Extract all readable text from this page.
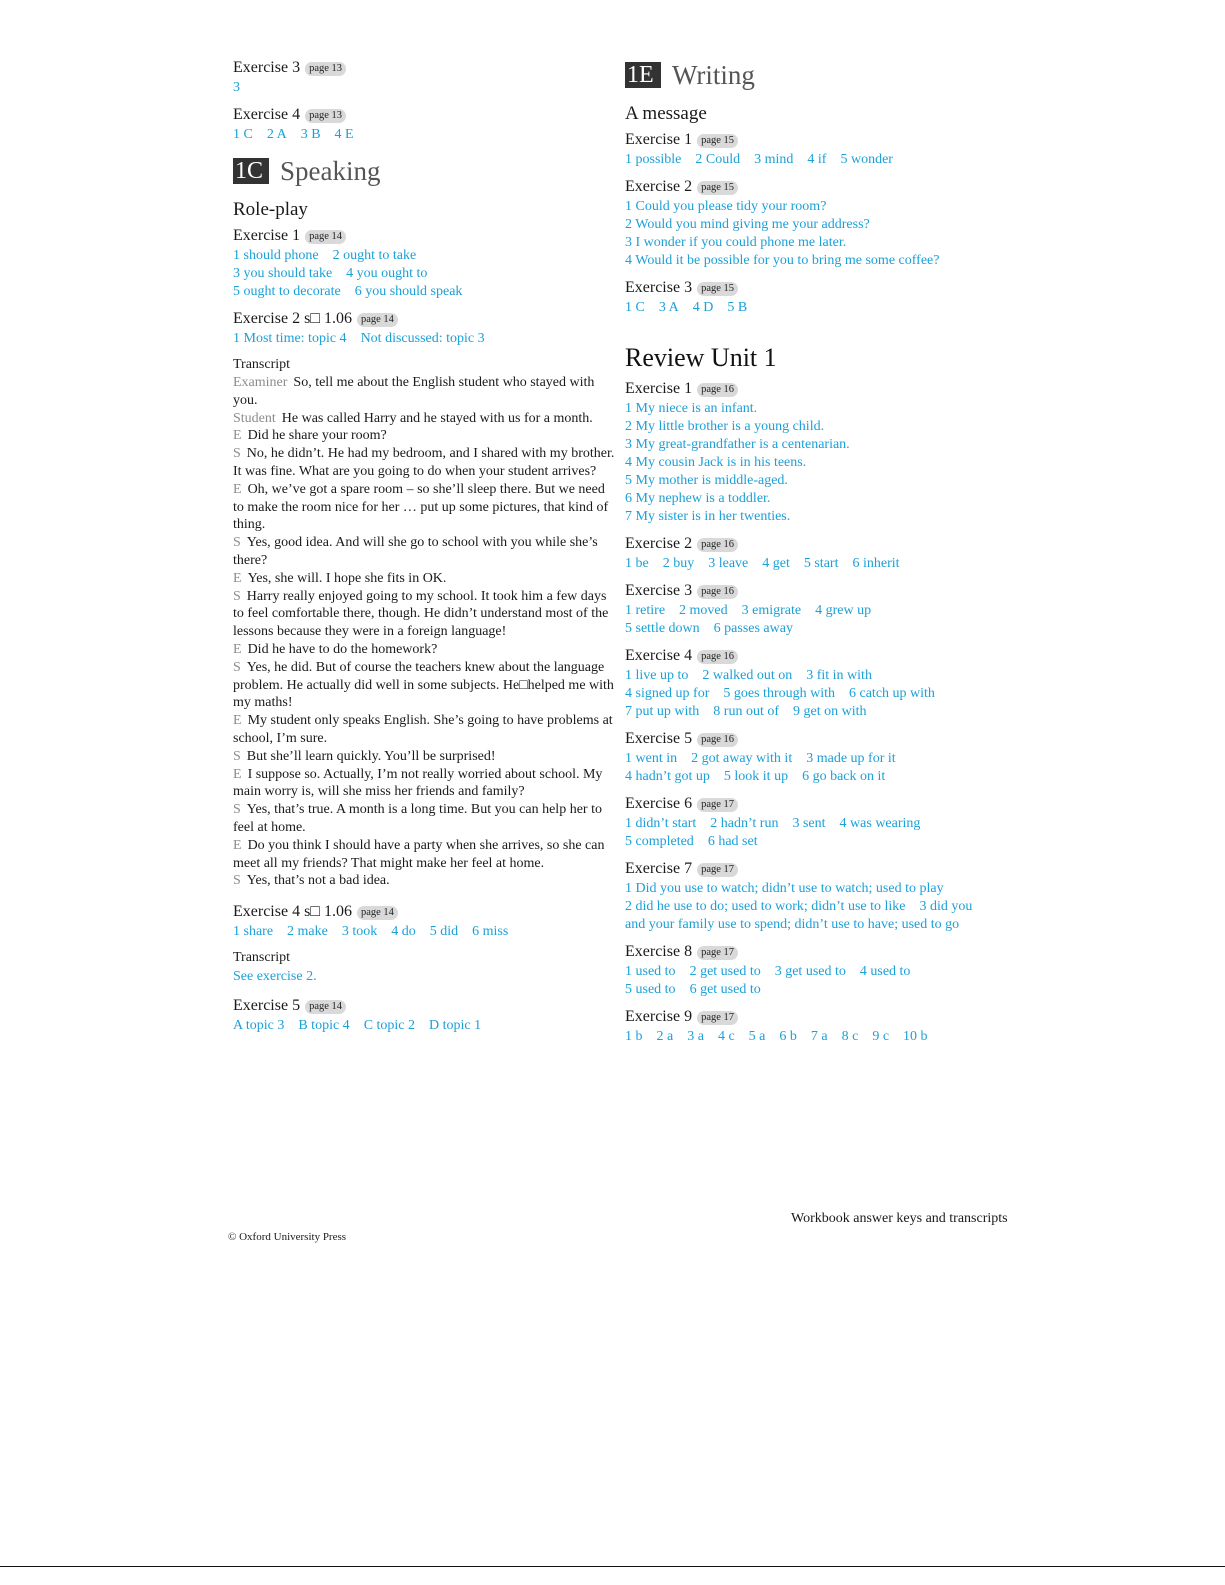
Exercise 3 page 13
3
Exercise 4 page 13
1 C 2 A 3 B 4 E
1C Speaking
Role-play
Exercise 1 page 14
1 should phone 2 ought to take
3 you should take 4 you ought to
5 ought to decorate 6 you should speak
Exercise 2 s□ 1.06 page 14
1 Most time: topic 4 Not discussed: topic 3
Transcript
Examiner So, tell me about the English student who stayed with you.
Student He was called Harry and he stayed with us for a month.
E Did he share your room?
S No, he didn’t. He had my bedroom, and I shared with my brother. It was fine. What are you going to do when your student arrives?
E Oh, we’ve got a spare room – so she’ll sleep there. But we need to make the room nice for her … put up some pictures, that kind of thing.
S Yes, good idea. And will she go to school with you while she’s there?
E Yes, she will. I hope she fits in OK.
S Harry really enjoyed going to my school. It took him a few days to feel comfortable there, though. He didn’t understand most of the lessons because they were in a foreign language!
E Did he have to do the homework?
S Yes, he did. But of course the teachers knew about the language problem. He actually did well in some subjects. He□helped me with my maths!
E My student only speaks English. She’s going to have problems at school, I’m sure.
S But she’ll learn quickly. You’ll be surprised!
E I suppose so. Actually, I’m not really worried about school. My main worry is, will she miss her friends and family?
S Yes, that’s true. A month is a long time. But you can help her to feel at home.
E Do you think I should have a party when she arrives, so she can meet all my friends? That might make her feel at home.
S Yes, that’s not a bad idea.
Exercise 4 s□ 1.06 page 14
1 share 2 make 3 took 4 do 5 did 6 miss
Transcript
See exercise 2.
Exercise 5 page 14
A topic 3 B topic 4 C topic 2 D topic 1
1E Writing
A message
Exercise 1 page 15
1 possible 2 Could 3 mind 4 if 5 wonder
Exercise 2 page 15
1 Could you please tidy your room?
2 Would you mind giving me your address?
3 I wonder if you could phone me later.
4 Would it be possible for you to bring me some coffee?
Exercise 3 page 15
1 C 3 A 4 D 5 B
Review Unit 1
Exercise 1 page 16
1 My niece is an infant.
2 My little brother is a young child.
3 My great-grandfather is a centenarian.
4 My cousin Jack is in his teens.
5 My mother is middle-aged.
6 My nephew is a toddler.
7 My sister is in her twenties.
Exercise 2 page 16
1 be 2 buy 3 leave 4 get 5 start 6 inherit
Exercise 3 page 16
1 retire 2 moved 3 emigrate 4 grew up
5 settle down 6 passes away
Exercise 4 page 16
1 live up to 2 walked out on 3 fit in with
4 signed up for 5 goes through with 6 catch up with
7 put up with 8 run out of 9 get on with
Exercise 5 page 16
1 went in 2 got away with it 3 made up for it
4 hadn’t got up 5 look it up 6 go back on it
Exercise 6 page 17
1 didn’t start 2 hadn’t run 3 sent 4 was wearing
5 completed 6 had set
Exercise 7 page 17
1 Did you use to watch; didn’t use to watch; used to play
2 did he use to do; used to work; didn’t use to like 3 did you
and your family use to spend; didn’t use to have; used to go
Exercise 8 page 17
1 used to 2 get used to 3 get used to 4 used to
5 used to 6 get used to
Exercise 9 page 17
1 b 2 a 3 a 4 c 5 a 6 b 7 a 8 c 9 c 10 b
Workbook answer keys and transcripts
© Oxford University Press
